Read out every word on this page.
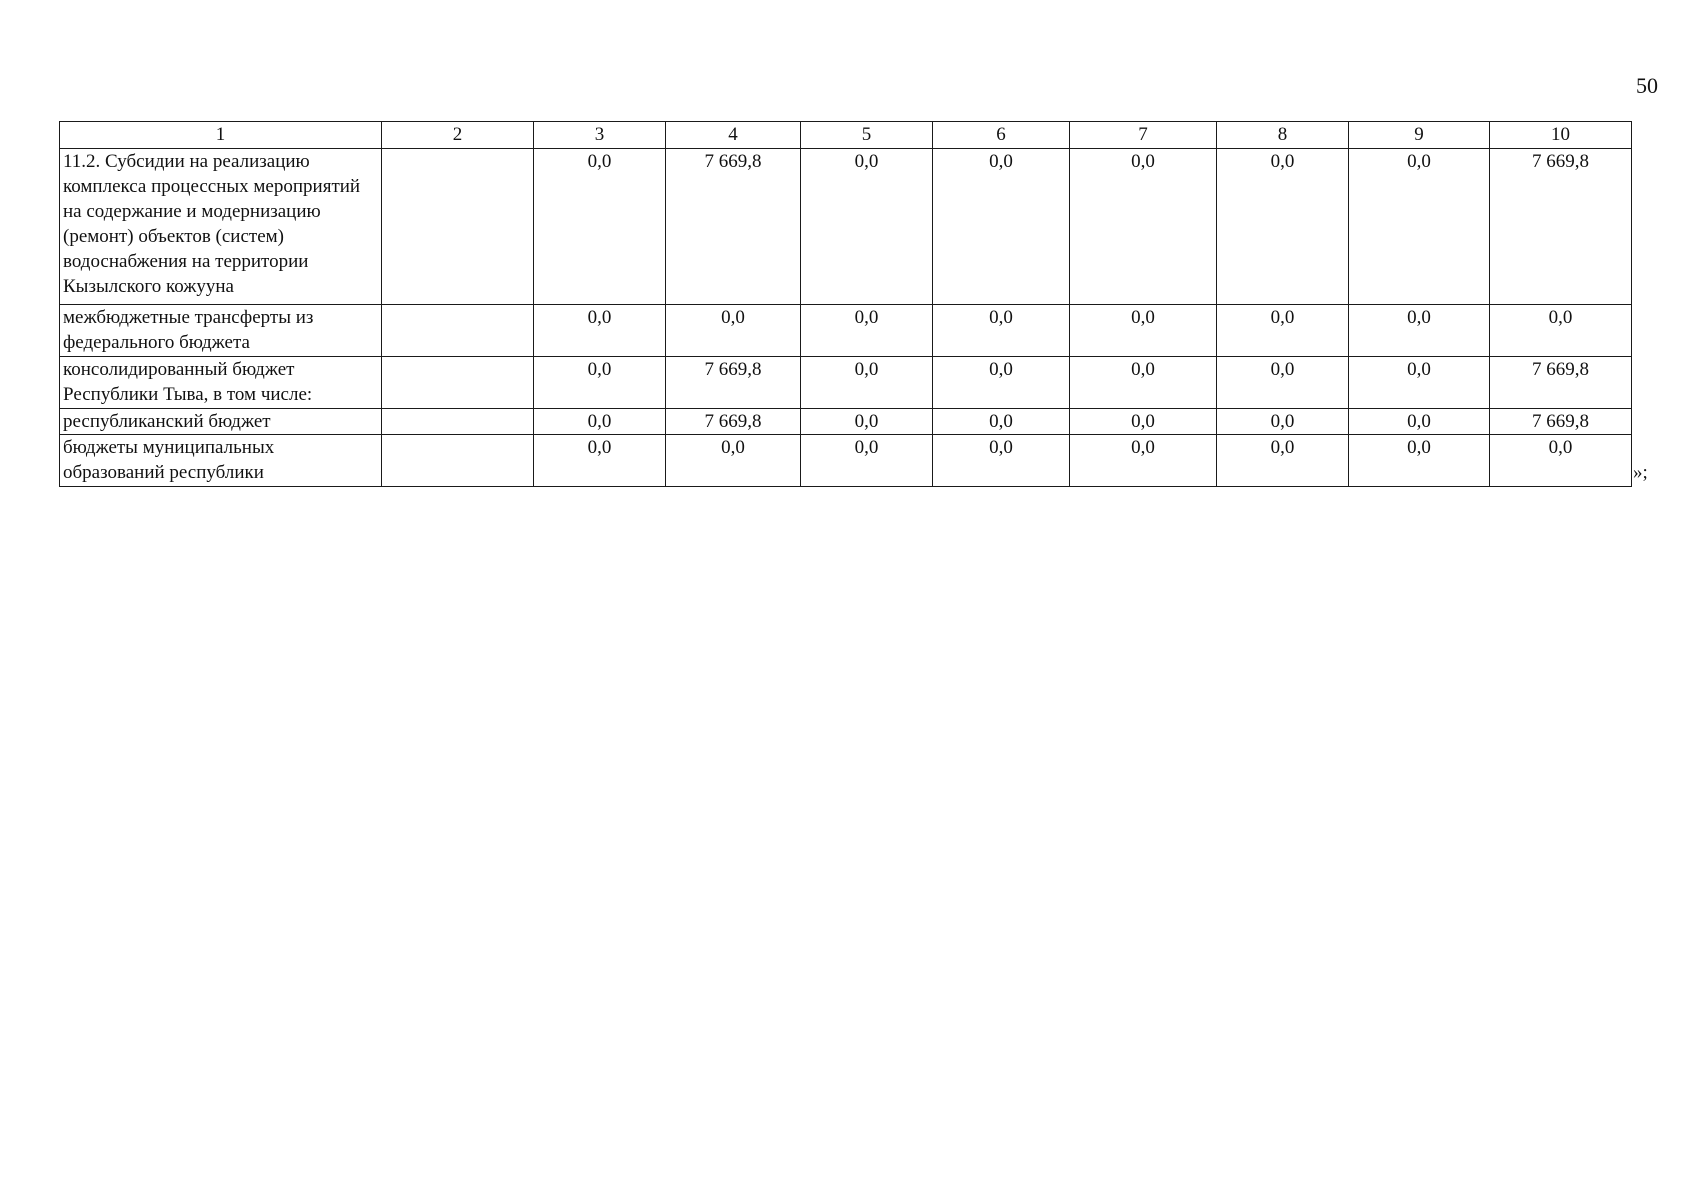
50
1	2	3	4	5	6	7	8	9	10
11.2. Субсидии на реализацию комплекса процессных мероприятий на содержание и модернизацию (ремонт) объектов (систем) водоснабжения на территории Кызылского кожууна		0,0	7 669,8	0,0	0,0	0,0	0,0	0,0	7 669,8
межбюджетные трансферты из федерального бюджета		0,0	0,0	0,0	0,0	0,0	0,0	0,0	0,0
консолидированный бюджет Республики Тыва, в том числе:		0,0	7 669,8	0,0	0,0	0,0	0,0	0,0	7 669,8
республиканский бюджет		0,0	7 669,8	0,0	0,0	0,0	0,0	0,0	7 669,8
бюджеты муниципальных образований республики		0,0	0,0	0,0	0,0	0,0	0,0	0,0	0,0
»;
